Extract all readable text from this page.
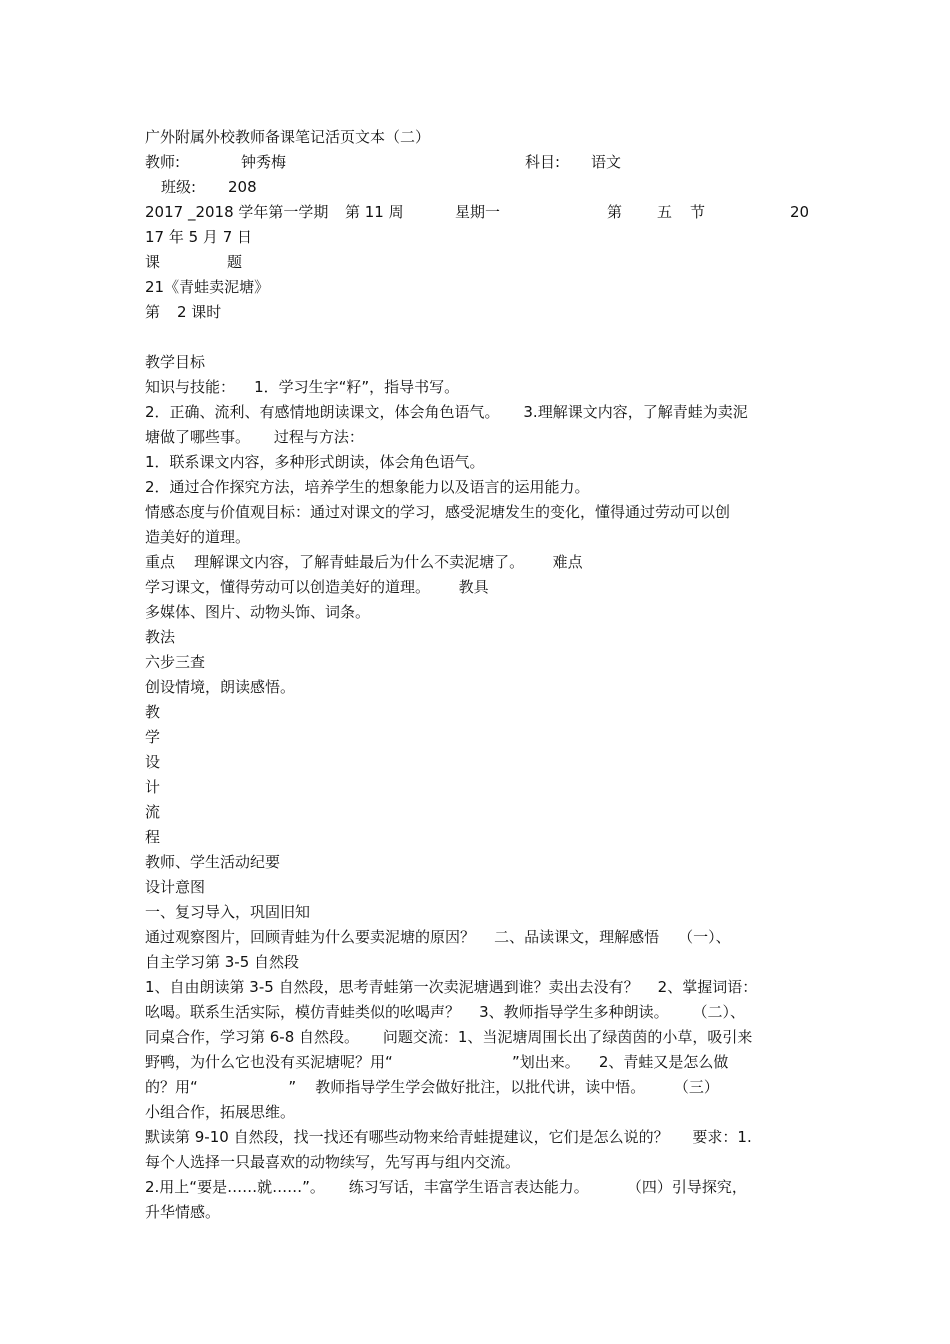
广外附属外校教师备课笔记活页文本（二）
教师:	钟秀梅	科目: 语文
班级: 208
2017 _2018 学年第一学期 第 11 周	星期一	第 五 节	20
17 年 5 月 7 日
课	题
21《青蛙卖泥塘》
第 2 课时
教学目标
知识与技能：    1．学习生字“籽”，指导书写。
2．正确、流利、有感情地朗读课文，体会角色语气。     3.理解课文内容，了解青蛙为卖泥
塘做了哪些事。     过程与方法：
1．联系课文内容，多种形式朗读，体会角色语气。
2．通过合作探究方法，培养学生的想象能力以及语言的运用能力。
情感态度与价值观目标：通过对课文的学习，感受泥塘发生的变化，懂得通过劳动可以创
造美好的道理。
重点    理解课文内容，了解青蛙最后为什么不卖泥塘了。      难点
学习课文，懂得劳动可以创造美好的道理。      教具
多媒体、图片、动物头饰、词条。
教法
六步三查
创设情境，朗读感悟。
教
学
设
计
流
程
教师、学生活动纪要
设计意图
一、复习导入，巩固旧知
通过观察图片，回顾青蛙为什么要卖泥塘的原因？    二、品读课文，理解感悟    （一）、
自主学习第 3-5 自然段
1、自由朗读第 3-5 自然段，思考青蛙第一次卖泥塘遇到谁？卖出去没有？    2、掌握词语：
吆喝。联系生活实际，模仿青蛙类似的吆喝声？    3、教师指导学生多种朗读。     （二）、
同桌合作，学习第 6-8 自然段。     问题交流：1、当泥塘周围长出了绿茵茵的小草，吸引来
野鸭，为什么它也没有买泥塘呢？用“                         ”划出来。    2、青蛙又是怎么做
的？用“                   ”    教师指导学生学会做好批注，以批代讲，读中悟。      （三）
小组合作，拓展思维。
默读第 9-10 自然段，找一找还有哪些动物来给青蛙提建议，它们是怎么说的？     要求：1.
每个人选择一只最喜欢的动物续写，先写再与组内交流。
2.用上“要是……就……”。     练习写话，丰富学生语言表达能力。        （四）引导探究，
升华情感。
